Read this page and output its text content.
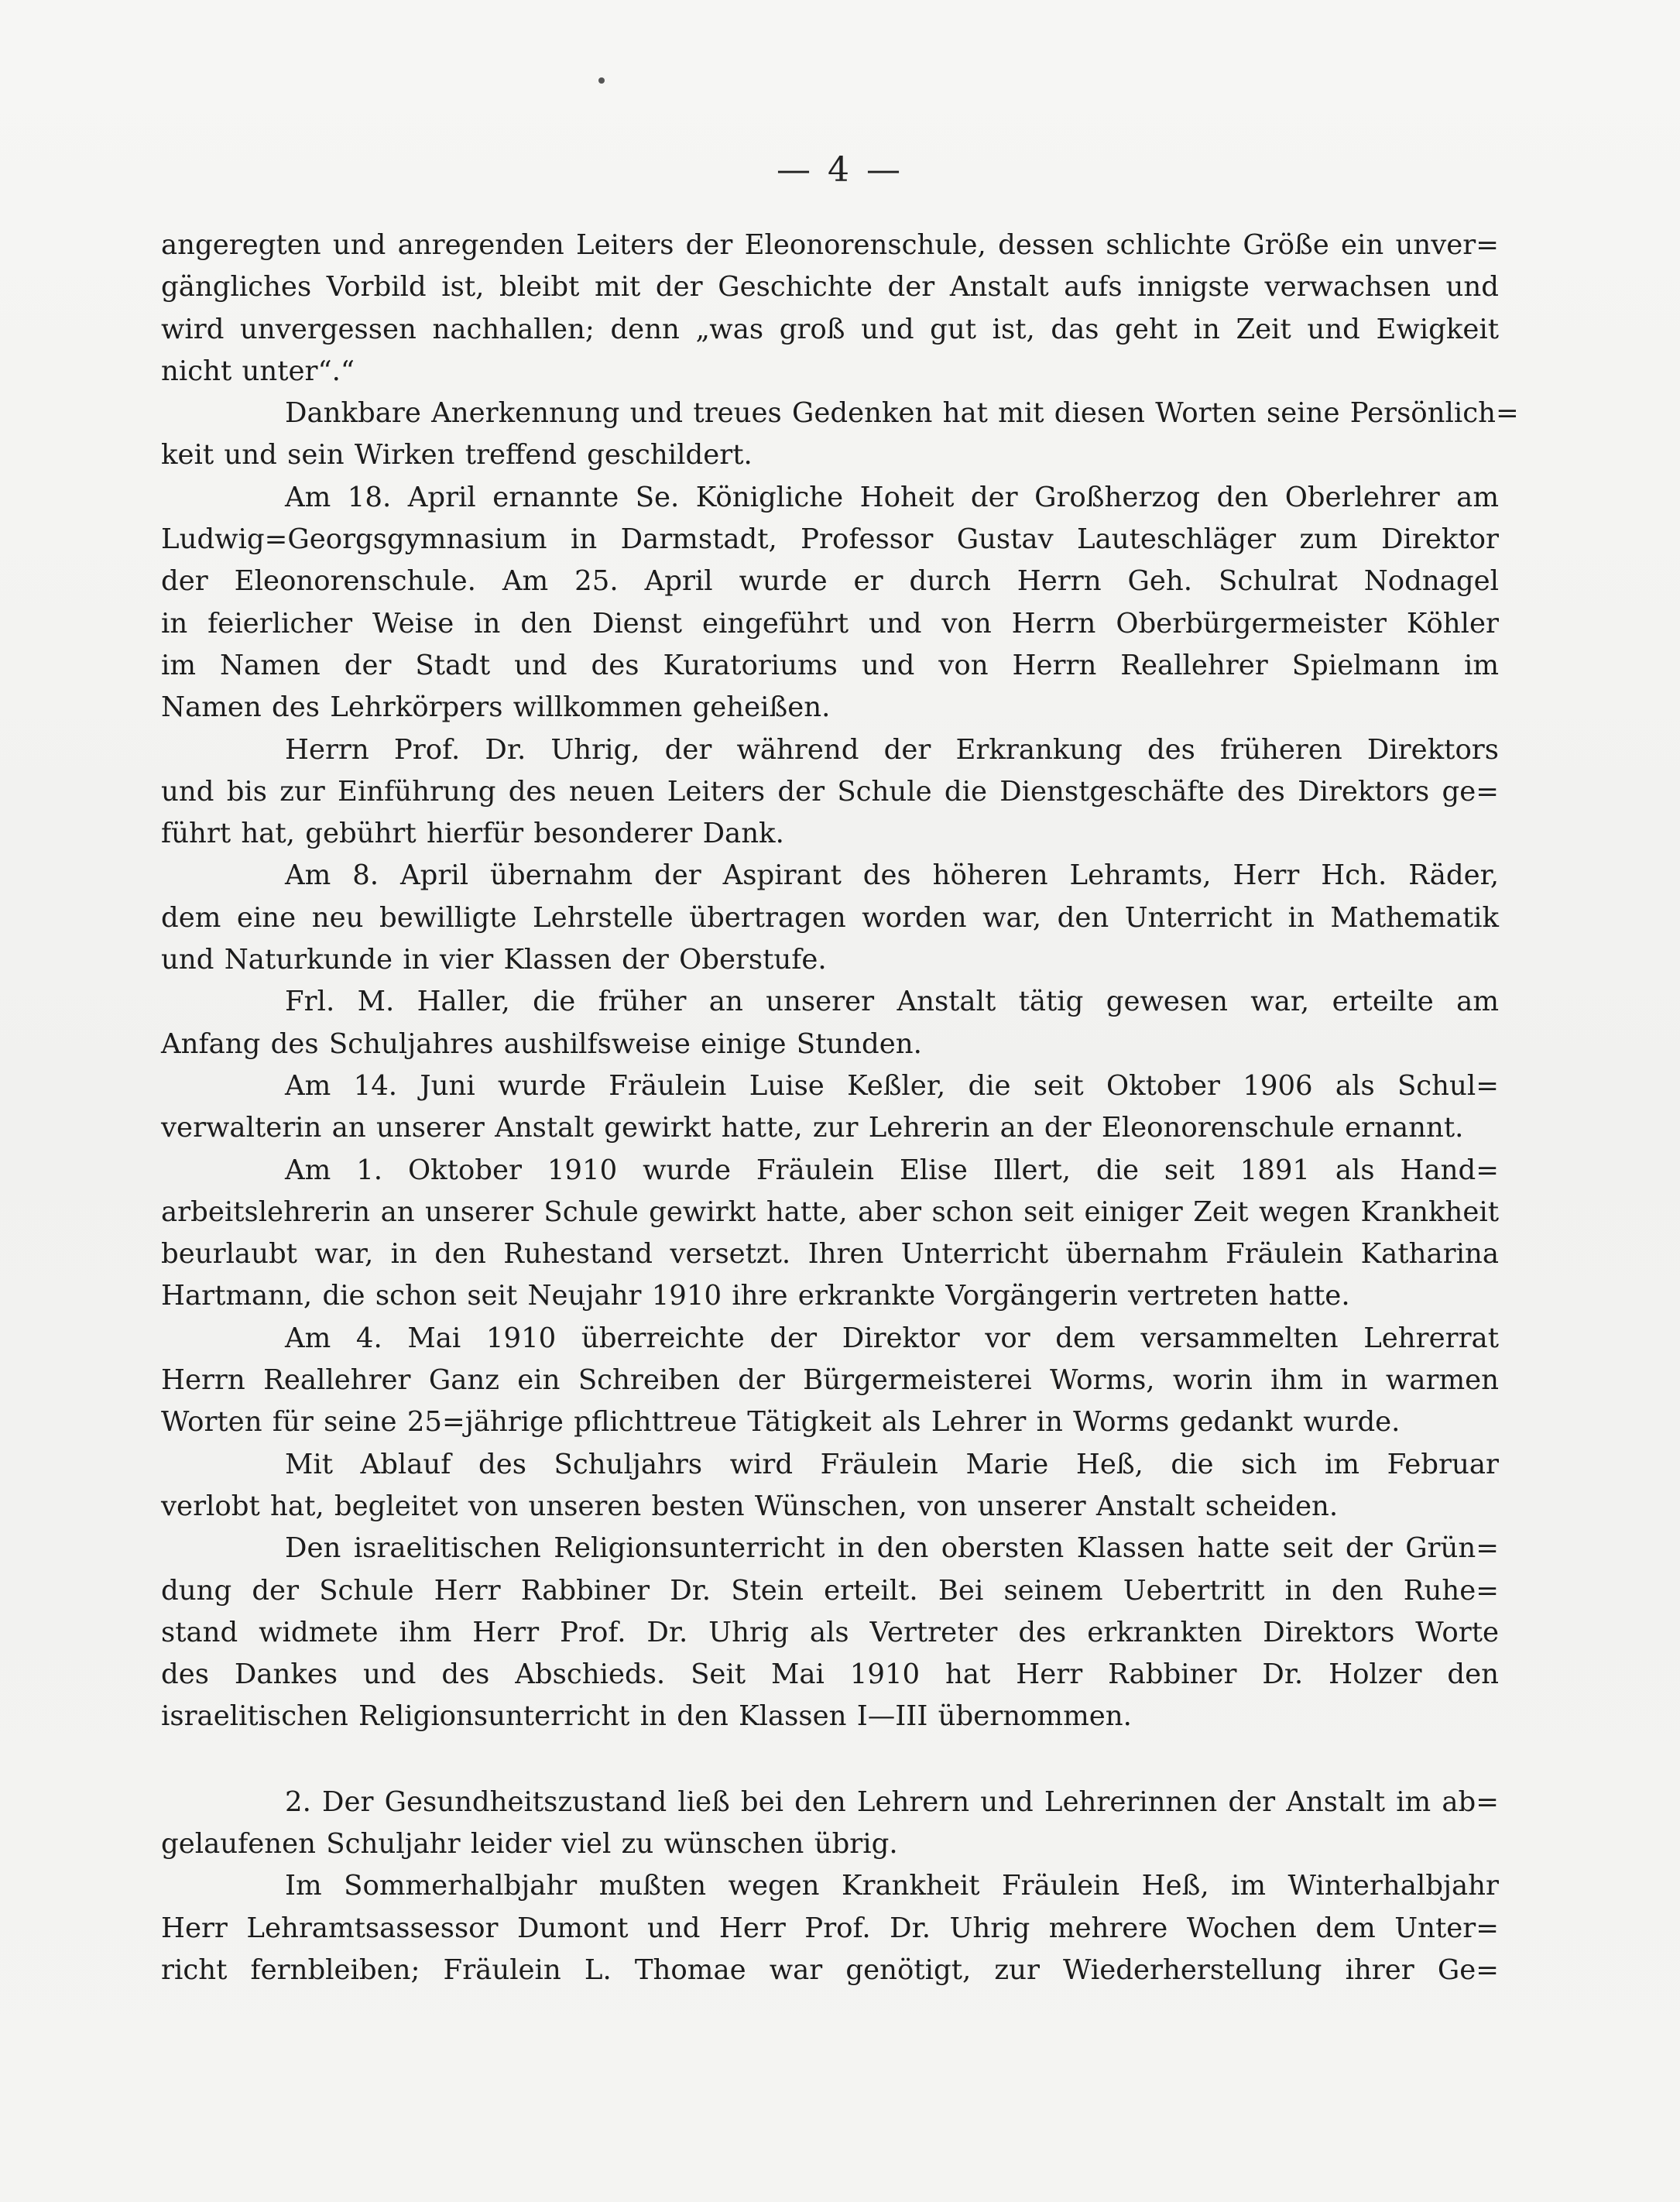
— 4 —
angeregten und anregenden Leiters der Eleonorenschule, dessen schlichte Größe ein unver=
gängliches Vorbild ist, bleibt mit der Geschichte der Anstalt aufs innigste verwachsen und
wird unvergessen nachhallen; denn „was groß und gut ist, das geht in Zeit und Ewigkeit
nicht unter“.“
Dankbare Anerkennung und treues Gedenken hat mit diesen Worten seine Persönlich=
keit und sein Wirken treffend geschildert.
Am 18. April ernannte Se. Königliche Hoheit der Großherzog den Oberlehrer am
Ludwig=Georgsgymnasium in Darmstadt, Professor Gustav Lauteschläger zum Direktor
der Eleonorenschule. Am 25. April wurde er durch Herrn Geh. Schulrat Nodnagel
in feierlicher Weise in den Dienst eingeführt und von Herrn Oberbürgermeister Köhler
im Namen der Stadt und des Kuratoriums und von Herrn Reallehrer Spielmann im
Namen des Lehrkörpers willkommen geheißen.
Herrn Prof. Dr. Uhrig, der während der Erkrankung des früheren Direktors
und bis zur Einführung des neuen Leiters der Schule die Dienstgeschäfte des Direktors ge=
führt hat, gebührt hierfür besonderer Dank.
Am 8. April übernahm der Aspirant des höheren Lehramts, Herr Hch. Räder,
dem eine neu bewilligte Lehrstelle übertragen worden war, den Unterricht in Mathematik
und Naturkunde in vier Klassen der Oberstufe.
Frl. M. Haller, die früher an unserer Anstalt tätig gewesen war, erteilte am
Anfang des Schuljahres aushilfsweise einige Stunden.
Am 14. Juni wurde Fräulein Luise Keßler, die seit Oktober 1906 als Schul=
verwalterin an unserer Anstalt gewirkt hatte, zur Lehrerin an der Eleonorenschule ernannt.
Am 1. Oktober 1910 wurde Fräulein Elise Illert, die seit 1891 als Hand=
arbeitslehrerin an unserer Schule gewirkt hatte, aber schon seit einiger Zeit wegen Krankheit
beurlaubt war, in den Ruhestand versetzt. Ihren Unterricht übernahm Fräulein Katharina
Hartmann, die schon seit Neujahr 1910 ihre erkrankte Vorgängerin vertreten hatte.
Am 4. Mai 1910 überreichte der Direktor vor dem versammelten Lehrerrat
Herrn Reallehrer Ganz ein Schreiben der Bürgermeisterei Worms, worin ihm in warmen
Worten für seine 25=jährige pflichttreue Tätigkeit als Lehrer in Worms gedankt wurde.
Mit Ablauf des Schuljahrs wird Fräulein Marie Heß, die sich im Februar
verlobt hat, begleitet von unseren besten Wünschen, von unserer Anstalt scheiden.
Den israelitischen Religionsunterricht in den obersten Klassen hatte seit der Grün=
dung der Schule Herr Rabbiner Dr. Stein erteilt. Bei seinem Uebertritt in den Ruhe=
stand widmete ihm Herr Prof. Dr. Uhrig als Vertreter des erkrankten Direktors Worte
des Dankes und des Abschieds. Seit Mai 1910 hat Herr Rabbiner Dr. Holzer den
israelitischen Religionsunterricht in den Klassen I—III übernommen.
2. Der Gesundheitszustand ließ bei den Lehrern und Lehrerinnen der Anstalt im ab=
gelaufenen Schuljahr leider viel zu wünschen übrig.
Im Sommerhalbjahr mußten wegen Krankheit Fräulein Heß, im Winterhalbjahr
Herr Lehramtsassessor Dumont und Herr Prof. Dr. Uhrig mehrere Wochen dem Unter=
richt fernbleiben; Fräulein L. Thomae war genötigt, zur Wiederherstellung ihrer Ge=
